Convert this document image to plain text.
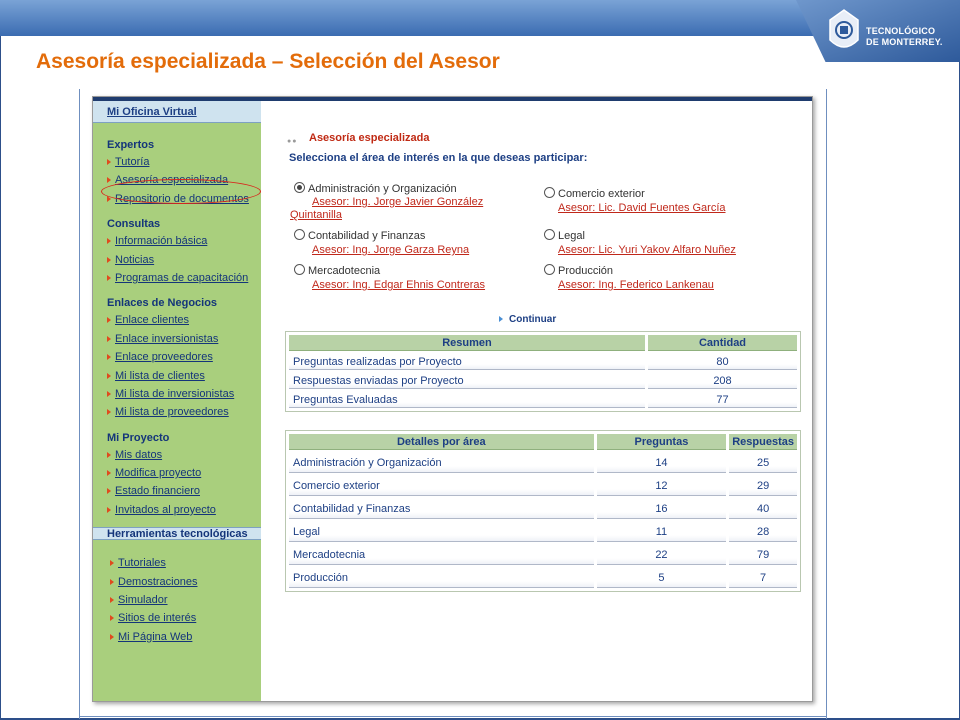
TECNOLÓGICO
DE MONTERREY.
Asesoría especializada – Selección del Asesor
Mi Oficina Virtual
Expertos
Tutoría
Asesoría especializada
Repositorio de documentos
Consultas
Información básica
Noticias
Programas de capacitación
Enlaces de Negocios
Enlace clientes
Enlace inversionistas
Enlace proveedores
Mi lista de clientes
Mi lista de inversionistas
Mi lista de proveedores
Mi Proyecto
Mis datos
Modifica proyecto
Estado financiero
Invitados al proyecto
Herramientas tecnológicas
Tutoriales
Demostraciones
Simulador
Sitios de interés
Mi Página Web
●● Asesoría especializada
Selecciona el área de interés en la que deseas participar:
Administración y Organización
Asesor: Ing. Jorge Javier González
Quintanilla
Comercio exterior
Asesor: Lic. David Fuentes García
Contabilidad y Finanzas
Asesor: Ing. Jorge Garza Reyna
Legal
Asesor: Lic. Yuri Yakov Alfaro Nuñez
Mercadotecnia
Asesor: Ing. Edgar Ehnis Contreras
Producción
Asesor: Ing. Federico Lankenau
Continuar
Resumen	Cantidad
Preguntas realizadas por Proyecto	80
Respuestas enviadas por Proyecto	208
Preguntas Evaluadas	77
Detalles por área	Preguntas	Respuestas
Administración y Organización	14	25
Comercio exterior	12	29
Contabilidad y Finanzas	16	40
Legal	11	28
Mercadotecnia	22	79
Producción	5	7
